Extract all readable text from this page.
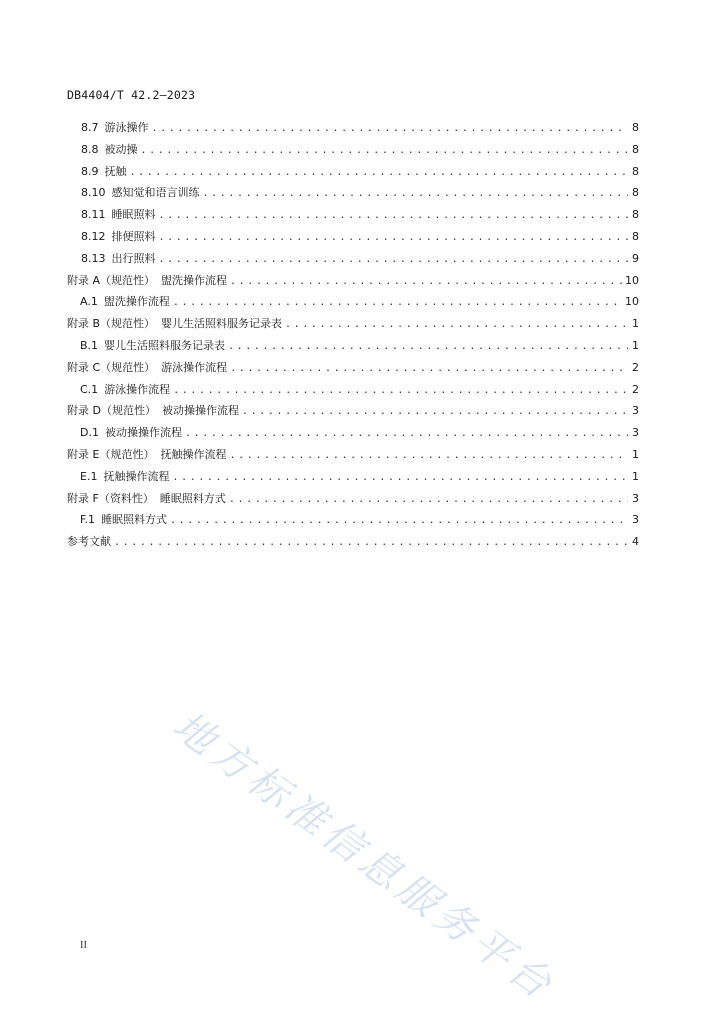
DB4404/T 42.2—2023
8.7 游泳操作 .....	8
8.8 被动操 .....	8
8.9 抚触 .....	8
8.10 感知觉和语言训练 .....	8
8.11 睡眠照料 .....	8
8.12 排便照料 .....	8
8.13 出行照料 .....	9
附录 A（规范性） 盥洗操作流程 .....	10
A.1 盥洗操作流程 .....	10
附录 B（规范性） 婴儿生活照料服务记录表 .....	1
B.1 婴儿生活照料服务记录表 .....	1
附录 C（规范性） 游泳操作流程 .....	2
C.1 游泳操作流程 .....	2
附录 D（规范性） 被动操操作流程 .....	3
D.1 被动操操作流程 .....	3
附录 E（规范性） 抚触操作流程 .....	1
E.1 抚触操作流程 .....	1
附录 F（资料性） 睡眠照料方式 .....	3
F.1 睡眠照料方式 .....	3
参考文献 .....	4
地方标准信息服务平台
II
